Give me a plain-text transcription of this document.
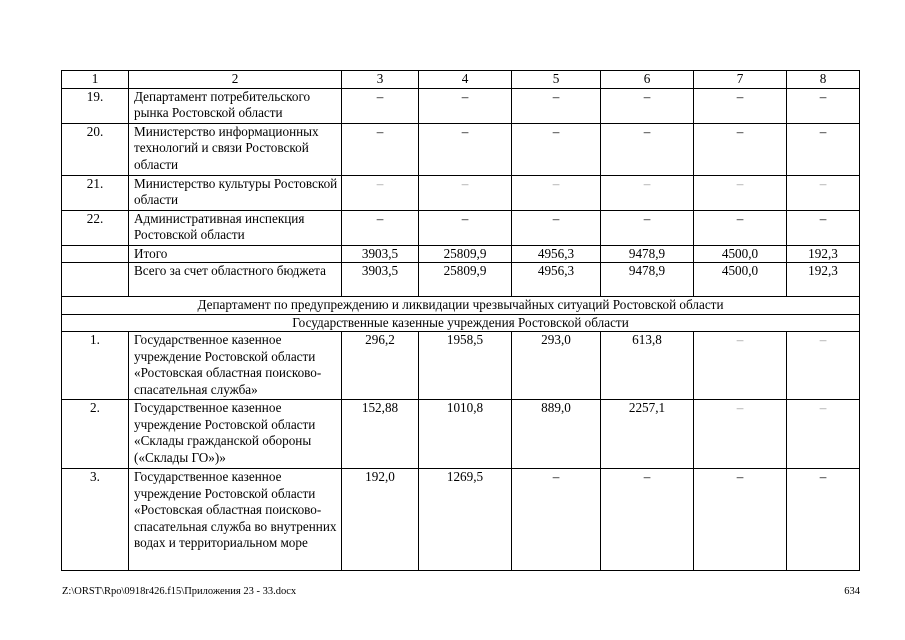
1	2	3	4	5	6	7	8
19.	Департамент потребительского рынка Ростовской области	–	–	–	–	–	–
20.	Министерство информационных технологий и связи Ростовской области	–	–	–	–	–	–
21.	Министерство культуры Ростовской области	–	–	–	–	–	–
22.	Административная инспекция Ростовской области	–	–	–	–	–	–
	Итого	3903,5	25809,9	4956,3	9478,9	4500,0	192,3
	Всего за счет областного бюджета	3903,5	25809,9	4956,3	9478,9	4500,0	192,3
Департамент по предупреждению и ликвидации чрезвычайных ситуаций Ростовской области							
Государственные казенные учреждения Ростовской области							
1.	Государственное казенное учреждение Ростовской области «Ростовская областная поисково-спасательная служба»	296,2	1958,5	293,0	613,8	–	–
2.	Государственное казенное учреждение Ростовской области «Склады гражданской обороны («Склады ГО»)»	152,88	1010,8	889,0	2257,1	–	–
3.	Государственное казенное учреждение Ростовской области «Ростовская областная поисково-спасательная служба во внутренних водах и территориальном море	192,0	1269,5	–	–	–	–
Z:\ORST\Rpo\0918r426.f15\Приложения 23 - 33.docx	634
